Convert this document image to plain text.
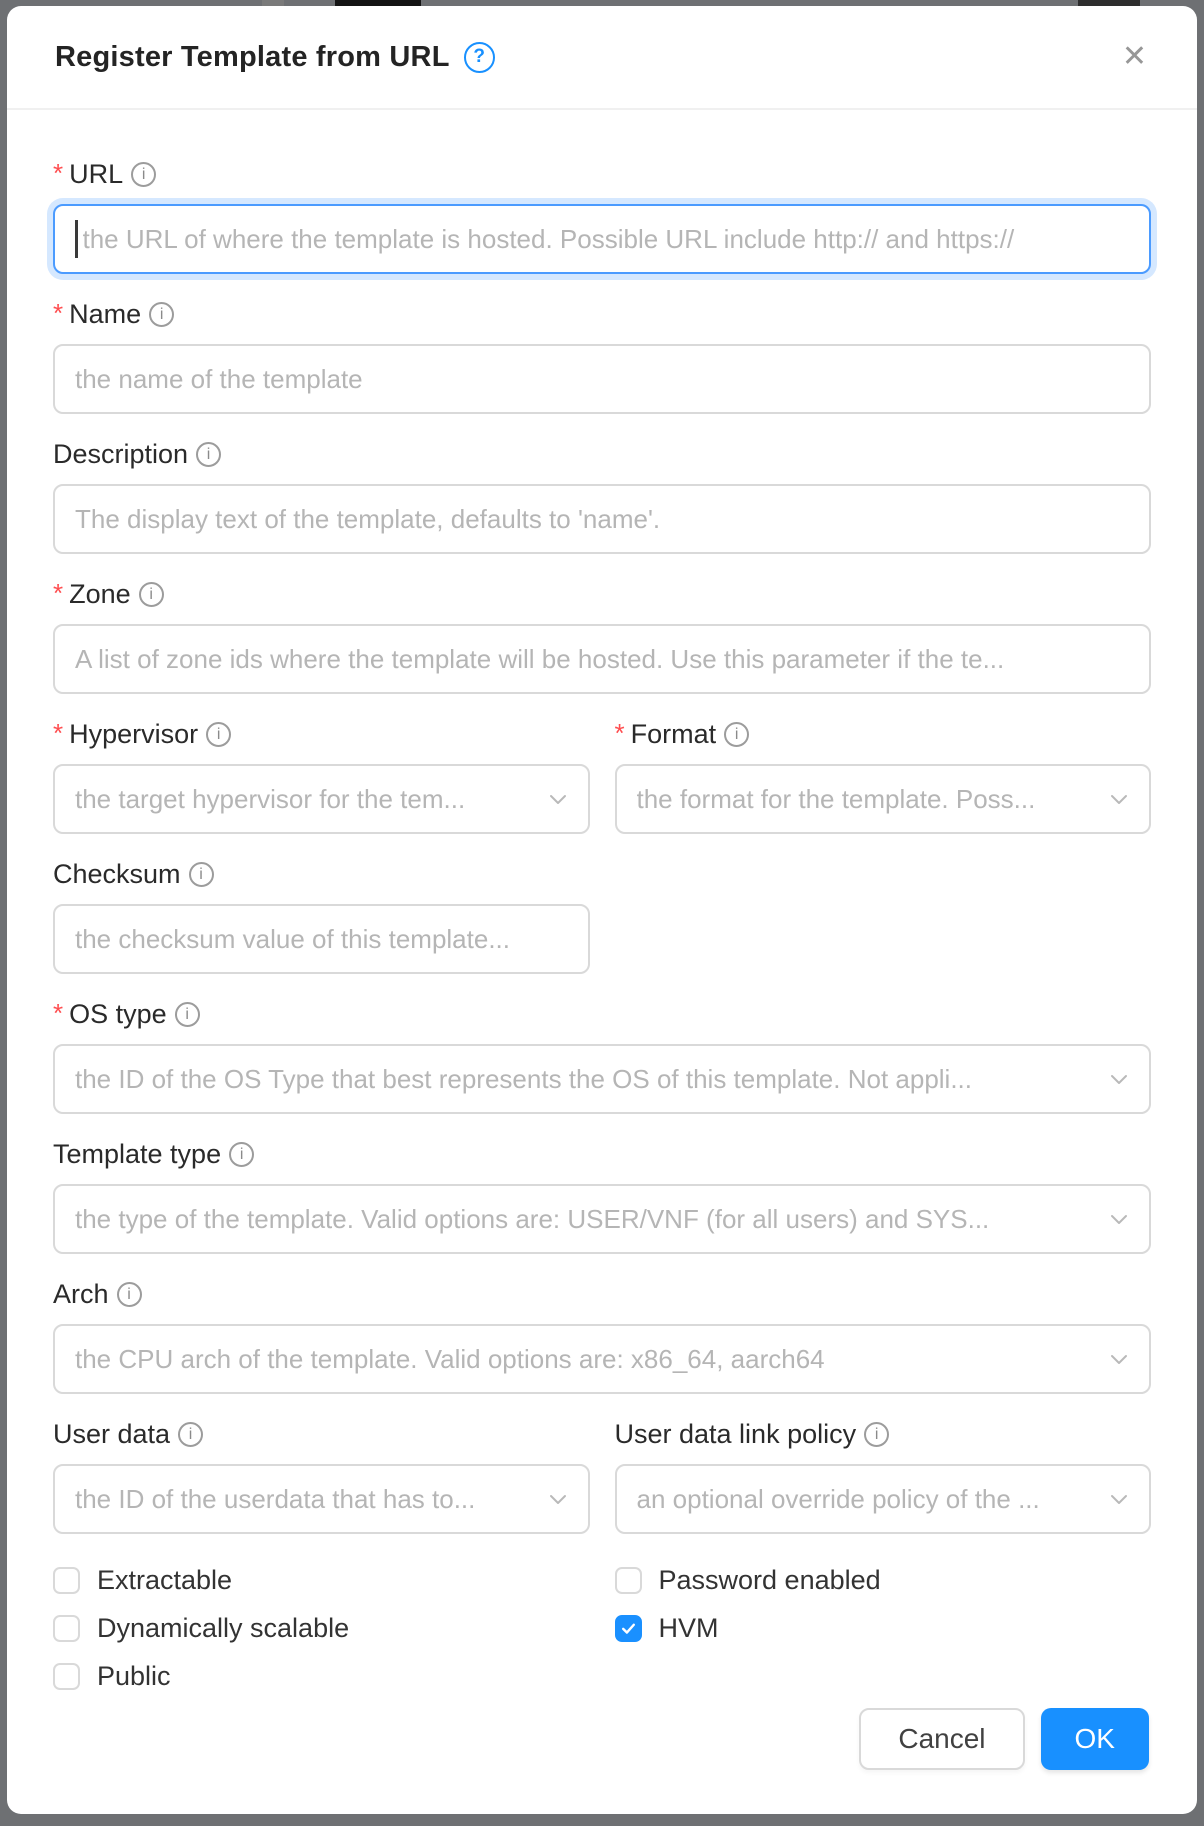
Register Template from URL	?	✕
* URL	i
the URL of where the template is hosted. Possible URL include http:// and https://
* Name	i
the name of the template
Description	i
The display text of the template, defaults to 'name'.
* Zone	i
A list of zone ids where the template will be hosted. Use this parameter if the te...
* Hypervisor	i
the target hypervisor for the tem...
* Format	i
the format for the template. Poss...
Checksum	i
the checksum value of this template...
* OS type	i
the ID of the OS Type that best represents the OS of this template. Not appli...
Template type	i
the type of the template. Valid options are: USER/VNF (for all users) and SYS...
Arch	i
the CPU arch of the template. Valid options are: x86_64, aarch64
User data	i
the ID of the userdata that has to...
User data link policy	i
an optional override policy of the ...
Extractable
Dynamically scalable
Public
Password enabled
HVM
Cancel	OK
